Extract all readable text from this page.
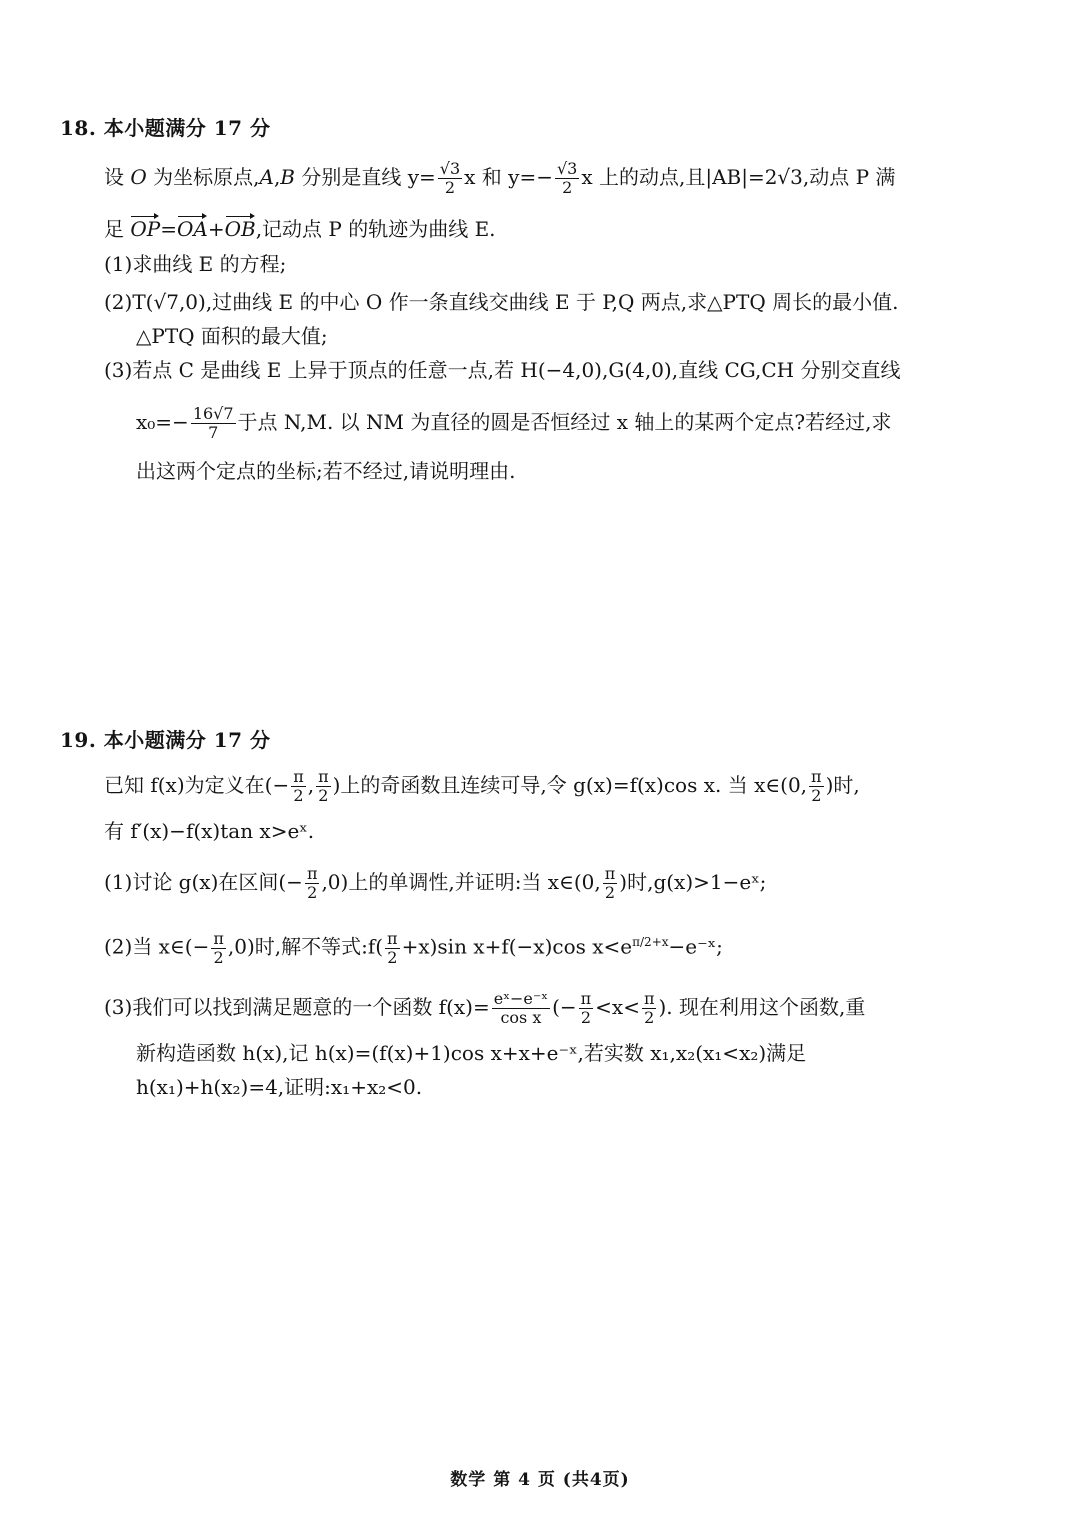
18. 本小题满分 17 分
设 O 为坐标原点,A,B 分别是直线 $y= \frac{√3}{2}$ x 和 $y=- \frac{√3}{2}$ x 上的动点,且|AB|=2√3,动点 P 满
足 OP=OA+OB,记动点 P 的轨迹为曲线 E.
(1)求曲线 E 的方程;
(2)T(√7,0),过曲线 E 的中心 O 作一条直线交曲线 E 于 P,Q 两点,求△PTQ 周长的最小值.
△PTQ 面积的最大值;
(3)若点 C 是曲线 E 上异于顶点的任意一点,若 H(−4,0),G(4,0),直线 CG,CH 分别交直线
$x_0=- \frac{16√7}{7}$ 于点 N,M. 以 NM 为直径的圆是否恒经过 x 轴上的某两个定点?若经过,求
出这两个定点的坐标;若不经过,请说明理由.
19. 本小题满分 17 分
已知 f(x)为定义在(− $\frac{\pi}{2}$ , $\frac{\pi}{2}$ )上的奇函数且连续可导,令 g(x)=f(x)cos x. 当 x∈(0, $\frac{\pi}{2}$ )时,
有 f′(x)−f(x)tan x>eˣ.
(1)讨论 g(x)在区间(− $\frac{\pi}{2} ,0$)上的单调性,并证明:当 x∈(0, $\frac{\pi}{2}$ )时,g(x)>1−eˣ;
(2)当 x∈(− $\frac{\pi}{2} ,0$)时,解不等式:f( $\frac{\pi}{2} +x)\sin$ x+f(−x)cos $x<e^{\pi/2+x}-e^-ˣ$;
(3)我们可以找到满足题意的一个函数 $f(x)= \frac{\text{eˣ−e⁻ˣ}}{\text{cos x}}$ (− $\frac{\pi}{2} <x< \frac{\pi}{2}$ ). 现在利用这个函数,重
新构造函数 h(x),记 h(x)=(f(x)+1)cos x+x+e⁻ˣ,若实数 x₁,x₂(x₁<x₂)满足
h(x₁)+h(x₂)=4,证明:x₁+x₂<0.
数学 第 4 页 (共4页)
